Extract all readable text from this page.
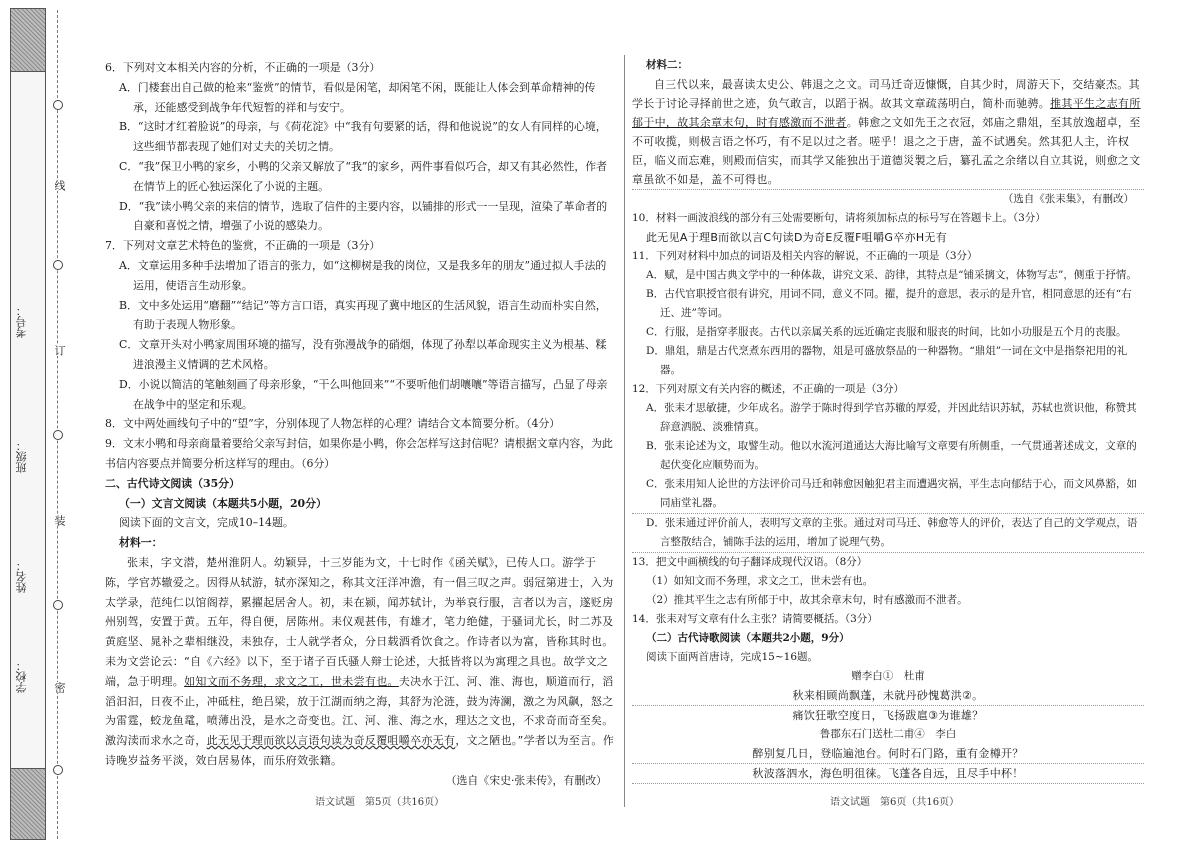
学校：
姓名：
班级：
考号：
线
订
装
密

6．下列对文本相关内容的分析，不正确的一项是（3分）

A．门楼套出自己做的枪来“鉴赏”的情节，看似是闲笔，却闲笔不闲，既能让人体会到革命精神的传承，还能感受到战争年代短暂的祥和与安宁。

B．“这时才红着脸说”的母亲，与《荷花淀》中“我有句要紧的话，得和他说说”的女人有同样的心境，这些细节都表现了她们对丈夫的关切之情。

C．“我”保卫小鸭的家乡，小鸭的父亲又解放了“我”的家乡，两件事看似巧合，却又有其必然性，作者在情节上的匠心独运深化了小说的主题。

D．“我”读小鸭父亲的来信的情节，选取了信件的主要内容，以铺排的形式一一呈现，渲染了革命者的自豪和喜悦之情，增强了小说的感染力。

7．下列对文章艺术特色的鉴赏，不正确的一项是（3分）

A．文章运用多种手法增加了语言的张力，如“这柳树是我的岗位，又是我多年的朋友”通过拟人手法的运用，使语言生动形象。

B．文中多处运用“磨翻”“结记”等方言口语，真实再现了冀中地区的生活风貌，语言生动而朴实自然，有助于表现人物形象。

C．文章开头对小鸭家周围环境的描写，没有弥漫战争的硝烟，体现了孙犁以革命现实主义为根基、糅进浪漫主义情调的艺术风格。

D．小说以简洁的笔触刻画了母亲形象，“干么叫他回来”“不要听他们胡嚷嚷”等语言描写，凸显了母亲在战争中的坚定和乐观。

8．文中两处画线句子中的“望”字，分别体现了人物怎样的心理？请结合文本简要分析。（4分）

9．文末小鸭和母亲商量着要给父亲写封信，如果你是小鸭，你会怎样写这封信呢？请根据文章内容，为此书信内容要点并简要分析这样写的理由。（6分）

二、古代诗文阅读（35分）

（一）文言文阅读（本题共5小题，20分）

阅读下面的文言文，完成10–14题。

材料一：

张耒，字文潜，楚州淮阴人。幼颖异，十三岁能为文，十七时作《函关赋》，已传人口。游学于陈，学官苏辙爱之。因得从轼游，轼亦深知之，称其文汪洋冲澹，有一倡三叹之声。弱冠第进士，入为太学录，范纯仁以馆阁荐，累擢起居舍人。初，耒在颍，闻苏轼计，为举哀行服，言者以为言，遂贬房州别驾，安置于黄。五年，得自便，居陈州。耒仪观甚伟，有雄才，笔力绝健，于骚词尤长，时二苏及黄庭坚、晁补之辈相继没，耒独存，士人就学者众，分日载酒肴饮食之。作诗者以为富，皆称其时也。耒为文尝论云：“自《六经》以下，至于诸子百氏骚人辩士论述，大抵皆将以为寓理之具也。故学文之端，急于明理。如知文而不务理，求文之工，世未尝有也。夫决水于江、河、淮、海也，顺道而行，滔滔汩汩，日夜不止，冲砥柱，绝吕梁，放于江湖而纳之海，其舒为沦涟，鼓为涛澜，激之为风飙，怒之为雷霆，蛟龙鱼鼋，喷薄出没，是水之奇变也。江、河、淮、海之水，理达之文也，不求奇而奇至矣。激沟渎而求水之奇，此无见于理而欲以言语句读为奇反覆咀嚼卒亦无有，文之陋也。”学者以为至言。作诗晚岁益务平淡，效白居易体，而乐府效张籍。

（选自《宋史·张耒传》，有删改）

材料二：

自三代以来，最喜读太史公、韩退之之文。司马迁奇迈慷慨，自其少时，周游天下，交结豪杰。其学长于讨论寻择前世之迹，负气敢言，以蹈于祸。故其文章疏荡明白，简朴而驰骋。推其平生之志有所郁于中，故其余章末句，时有感激而不泄者。韩愈之文如先王之衣冠，郊庙之鼎俎，至其放逸超卓，至不可收揽，则极言语之怀巧，有不足以过之者。嗟乎！退之之于唐，盖不试遇矣。然其犯人主，许权臣，临义而忘难，则殿而信实，而其学又能独出于道德災製之后，纂孔孟之余绪以自立其说，则愈之文章虽欲不如是，盖不可得也。

（选自《张耒集》，有删改）

10．材料一画波浪线的部分有三处需要断句，请将须加标点的标号写在答题卡上。（3分）

此无见A于理B而欲以言C句读D为奇E反覆F咀嚼G卒亦H无有

11．下列对材料中加点的词语及相关内容的解说，不正确的一项是（3分）

A．赋，是中国古典文学中的一种体裁，讲究文采、韵律，其特点是“铺采摛文，体物写志”，侧重于抒情。

B．古代官职授官很有讲究，用词不同，意义不同。擢，提升的意思，表示的是升官，相同意思的还有“右迁、进”等词。

C．行服，是指穿孝服丧。古代以亲属关系的远近确定丧服和服丧的时间，比如小功服是五个月的丧服。

D．鼎俎，鼎是古代烹煮东西用的器物，俎是可盛放祭品的一种器物。“鼎俎”一词在文中是指祭祀用的礼器。

12．下列对原文有关内容的概述，不正确的一项是（3分）

A．张耒才思敏捷，少年成名。游学于陈时得到学官苏辙的厚爱，并因此结识苏轼，苏轼也赏识他，称赞其辞意洒脱、淡雅情真。

B．张耒论述为文，取譬生动。他以水流河道通达大海比喻写文章要有所侧重，一气贯通著述成文，文章的起伏变化应顺势而为。

C．张耒用知人论世的方法评价司马迁和韩愈因触犯君主而遭遇灾祸，平生志向郁结于心，而文风鼻豁，如同庙堂礼器。

D．张耒通过评价前人，表明写文章的主张。通过对司马迁、韩愈等人的评价，表达了自己的文学观点，语言整散结合，铺陈手法的运用，增加了说理气势。

13．把文中画横线的句子翻译成现代汉语。（8分）

（1）如知文而不务理，求文之工，世未尝有也。

（2）推其平生之志有所郁于中，故其余章末句，时有感激而不泄者。

14．张耒对写文章有什么主张？请简要概括。（3分）

（二）古代诗歌阅读（本题共2小题，9分）

阅读下面两首唐诗，完成15~16题。

赠李白①　杜甫

秋来相顾尚飘蓬，未就丹砂愧葛洪②。

痛饮狂歌空度日，飞扬跋扈③为谁雄？

鲁郡东石门送杜二甫④　李白

醉别复几日，登临遍池台。何时石门路，重有金樽开？

秋波落泗水，海色明徂徕。飞蓬各自远，且尽手中杯！

语文试题　第5页（共16页）	语文试题　第6页（共16页）
